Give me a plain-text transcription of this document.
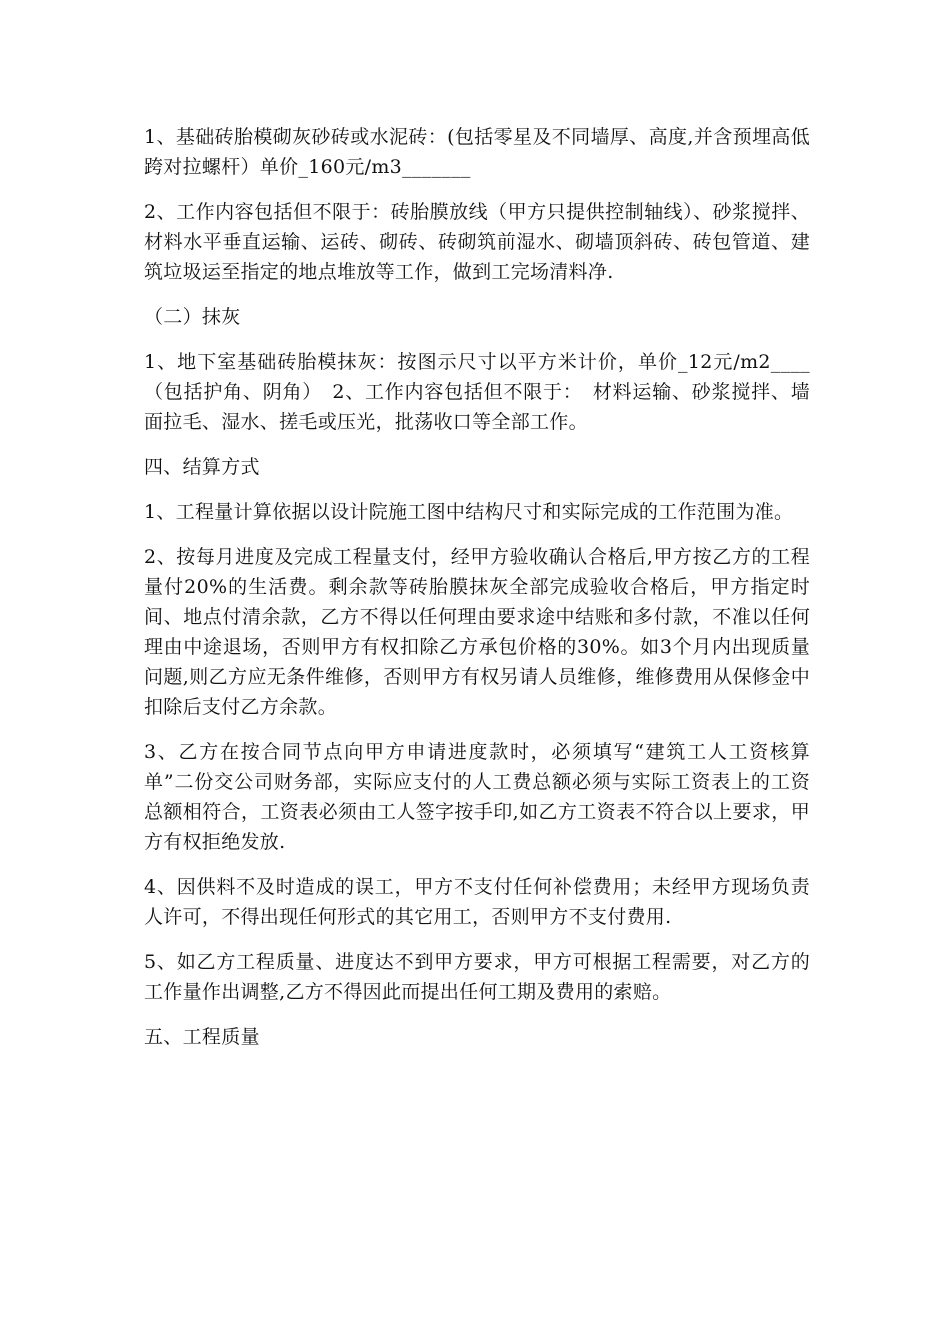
1、基础砖胎模砌灰砂砖或水泥砖：(包括零星及不同墙厚、高度,并含预埋高低跨对拉螺杆）单价_160元/m3_______

2、工作内容包括但不限于：砖胎膜放线（甲方只提供控制轴线）、砂浆搅拌、材料水平垂直运输、运砖、砌砖、砖砌筑前湿水、砌墙顶斜砖、砖包管道、建筑垃圾运至指定的地点堆放等工作，做到工完场清料净.

（二）抹灰

1、地下室基础砖胎模抹灰：按图示尺寸以平方米计价，单价_12元/m2____（包括护角、阴角）　2、工作内容包括但不限于：　材料运输、砂浆搅拌、墙面拉毛、湿水、搓毛或压光，批荡收口等全部工作。

四、结算方式

1、工程量计算依据以设计院施工图中结构尺寸和实际完成的工作范围为准。

2、按每月进度及完成工程量支付，经甲方验收确认合格后,甲方按乙方的工程量付20%的生活费。剩余款等砖胎膜抹灰全部完成验收合格后，甲方指定时间、地点付清余款，乙方不得以任何理由要求途中结账和多付款，不准以任何理由中途退场，否则甲方有权扣除乙方承包价格的30%。如3个月内出现质量问题,则乙方应无条件维修，否则甲方有权另请人员维修，维修费用从保修金中扣除后支付乙方余款。

3、乙方在按合同节点向甲方申请进度款时，必须填写“建筑工人工资核算单”二份交公司财务部，实际应支付的人工费总额必须与实际工资表上的工资总额相符合，工资表必须由工人签字按手印,如乙方工资表不符合以上要求，甲方有权拒绝发放.

4、因供料不及时造成的误工，甲方不支付任何补偿费用；未经甲方现场负责人许可，不得出现任何形式的其它用工，否则甲方不支付费用.

5、如乙方工程质量、进度达不到甲方要求，甲方可根据工程需要，对乙方的工作量作出调整,乙方不得因此而提出任何工期及费用的索赔。

五、工程质量
